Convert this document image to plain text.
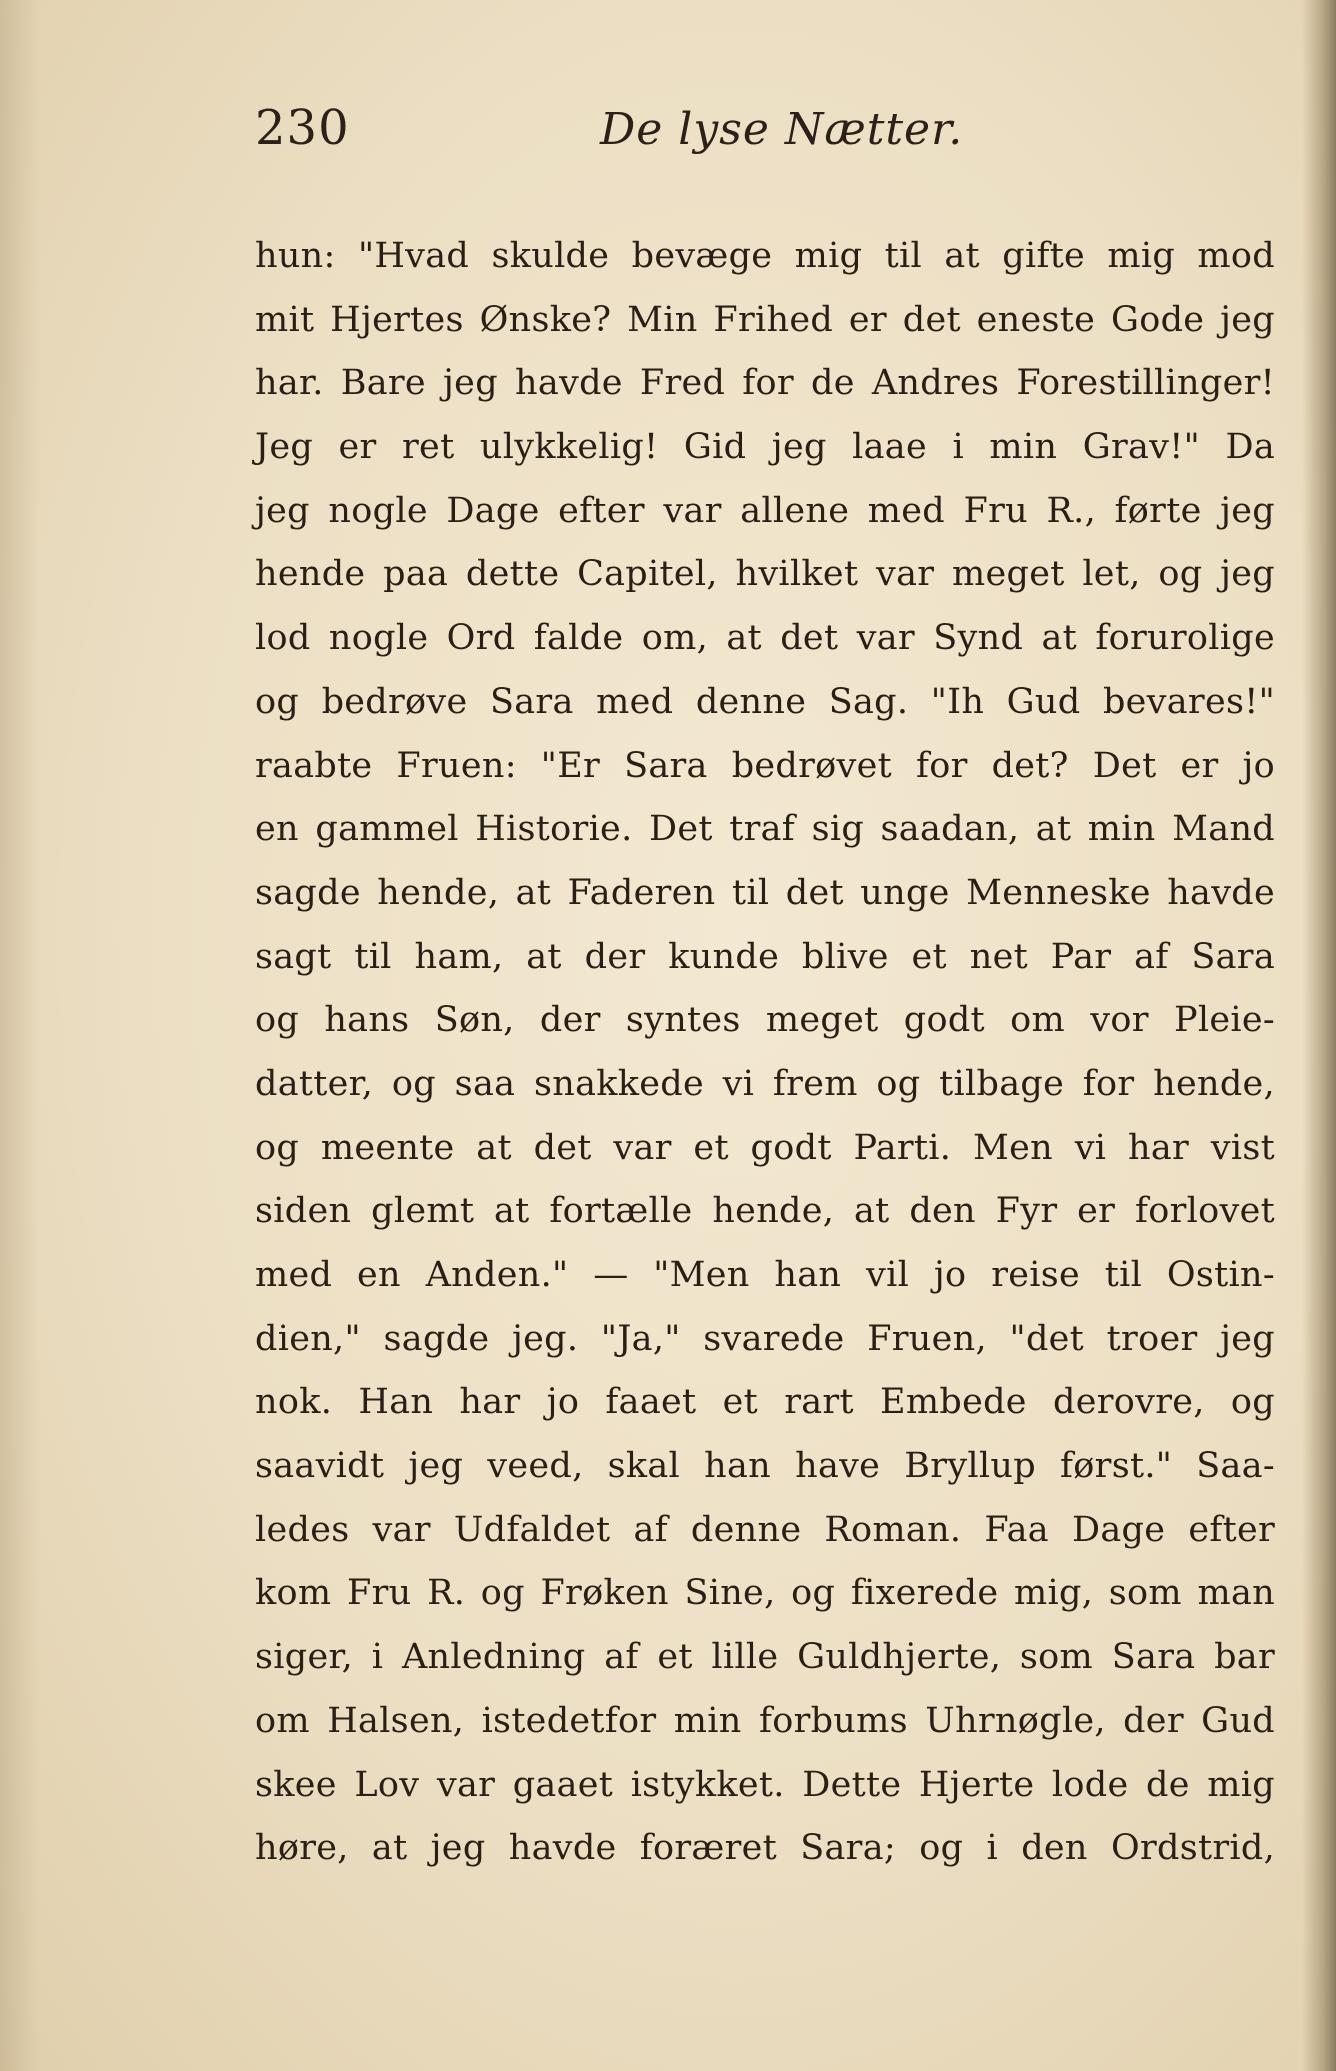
230	De lyse Nætter.
hun: "Hvad skulde bevæge mig til at gifte mig mod
mit Hjertes Ønske? Min Frihed er det eneste Gode jeg
har. Bare jeg havde Fred for de Andres Forestillinger!
Jeg er ret ulykkelig! Gid jeg laae i min Grav!" Da
jeg nogle Dage efter var allene med Fru R., førte jeg
hende paa dette Capitel, hvilket var meget let, og jeg
lod nogle Ord falde om, at det var Synd at forurolige
og bedrøve Sara med denne Sag. "Ih Gud bevares!"
raabte Fruen: "Er Sara bedrøvet for det? Det er jo
en gammel Historie. Det traf sig saadan, at min Mand
sagde hende, at Faderen til det unge Menneske havde
sagt til ham, at der kunde blive et net Par af Sara
og hans Søn, der syntes meget godt om vor Pleie-
datter, og saa snakkede vi frem og tilbage for hende,
og meente at det var et godt Parti. Men vi har vist
siden glemt at fortælle hende, at den Fyr er forlovet
med en Anden." — "Men han vil jo reise til Ostin-
dien," sagde jeg. "Ja," svarede Fruen, "det troer jeg
nok. Han har jo faaet et rart Embede derovre, og
saavidt jeg veed, skal han have Bryllup først." Saa-
ledes var Udfaldet af denne Roman. Faa Dage efter
kom Fru R. og Frøken Sine, og fixerede mig, som man
siger, i Anledning af et lille Guldhjerte, som Sara bar
om Halsen, istedetfor min forbums Uhrnøgle, der Gud
skee Lov var gaaet istykket. Dette Hjerte lode de mig
høre, at jeg havde foræret Sara; og i den Ordstrid,
